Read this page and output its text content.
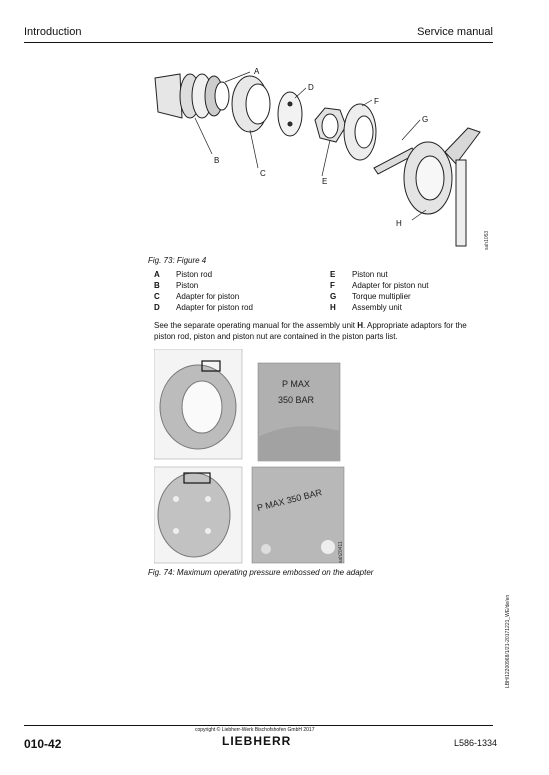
Introduction	Service manual
A
B
C
D
E
F
G
H
sah1053
Fig. 73: Figure 4
A Piston rod
B Piston
C Adapter for piston
D Adapter for piston rod
E Piston nut
F Adapter for piston nut
G Torque multiplier
H Assembly unit
See the separate operating manual for the assembly unit H. Appropriate adaptors for the piston rod, piston and piston nut are contained in the piston parts list.
P MAX
350 BAR
P MAX 350 BAR
sah20411
Fig. 74: Maximum operating pressure embossed on the adapter
LBH/12200968/1/21-20171221_WE/de/en
010-42
copyright © Liebherr-Werk Bischofshofen GmbH 2017
LIEBHERR	L586-1334
